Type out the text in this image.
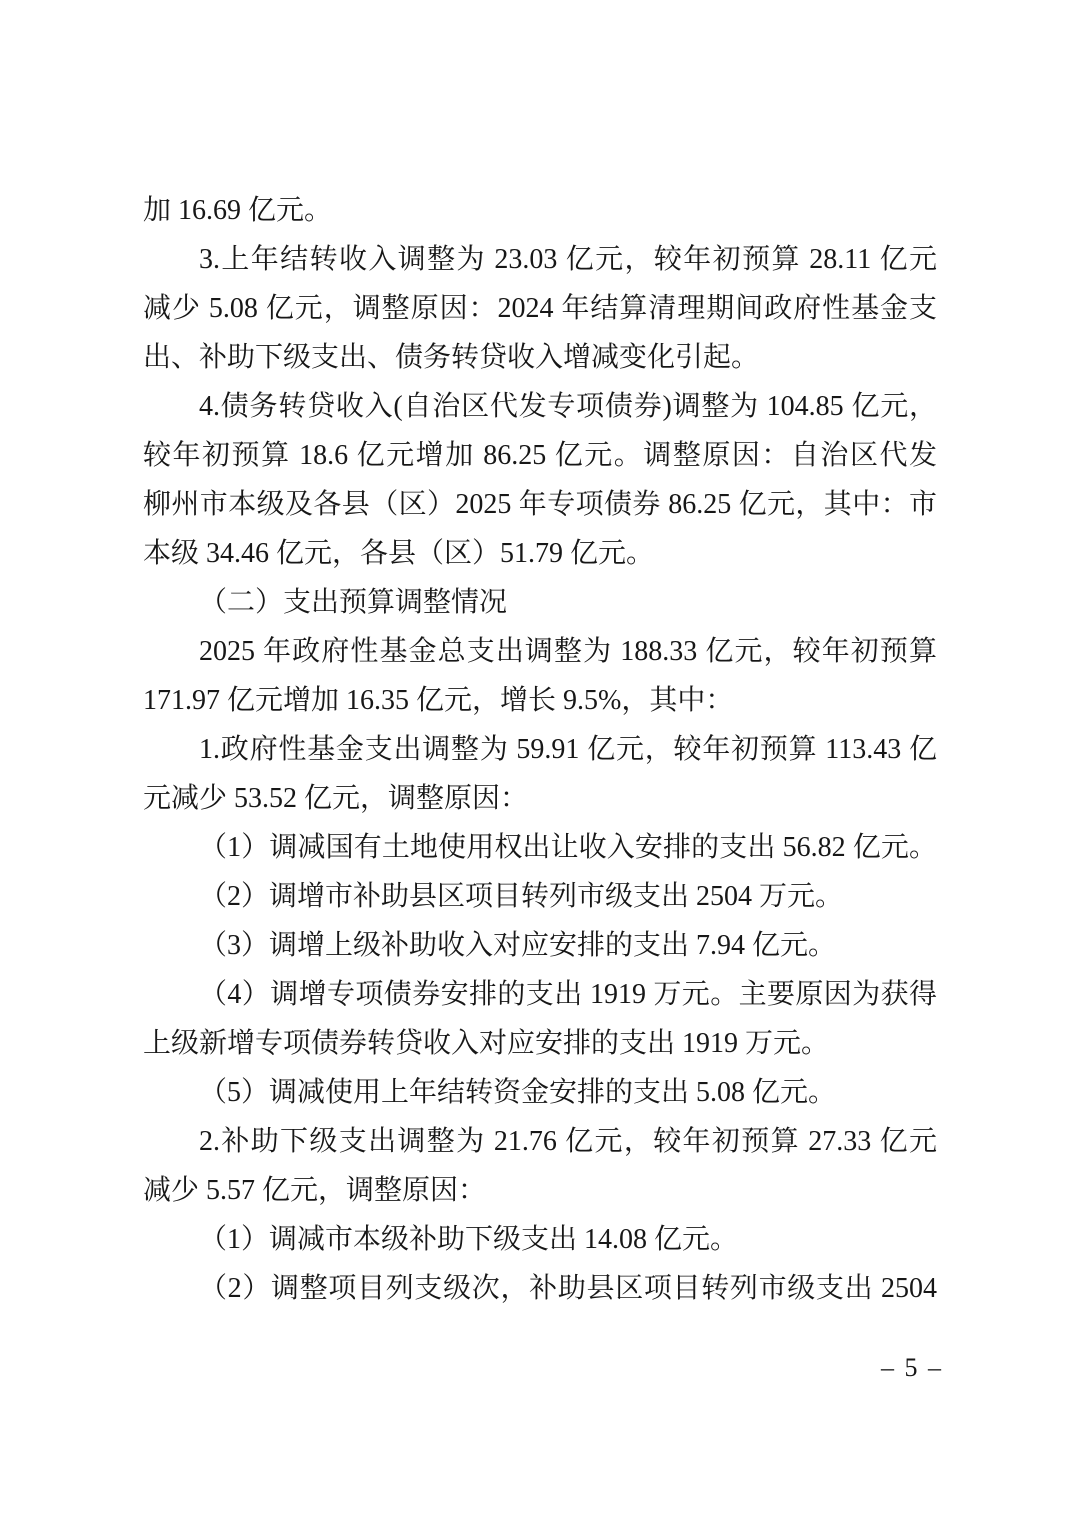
加 16.69 亿元。
3.上年结转收入调整为 23.03 亿元，较年初预算 28.11 亿元
减少 5.08 亿元，调整原因：2024 年结算清理期间政府性基金支
出、补助下级支出、债务转贷收入增减变化引起。
4.债务转贷收入(自治区代发专项债券)调整为 104.85 亿元，
较年初预算 18.6 亿元增加 86.25 亿元。调整原因：自治区代发
柳州市本级及各县（区）2025 年专项债券 86.25 亿元，其中：市
本级 34.46 亿元，各县（区）51.79 亿元。
（二）支出预算调整情况
2025 年政府性基金总支出调整为 188.33 亿元，较年初预算
171.97 亿元增加 16.35 亿元，增长 9.5%，其中：
1.政府性基金支出调整为 59.91 亿元，较年初预算 113.43 亿
元减少 53.52 亿元，调整原因：
（1）调减国有土地使用权出让收入安排的支出 56.82 亿元。
（2）调增市补助县区项目转列市级支出 2504 万元。
（3）调增上级补助收入对应安排的支出 7.94 亿元。
（4）调增专项债券安排的支出 1919 万元。主要原因为获得
上级新增专项债券转贷收入对应安排的支出 1919 万元。
（5）调减使用上年结转资金安排的支出 5.08 亿元。
2.补助下级支出调整为 21.76 亿元，较年初预算 27.33 亿元
减少 5.57 亿元，调整原因：
（1）调减市本级补助下级支出 14.08 亿元。
（2）调整项目列支级次，补助县区项目转列市级支出 2504
– 5 –
